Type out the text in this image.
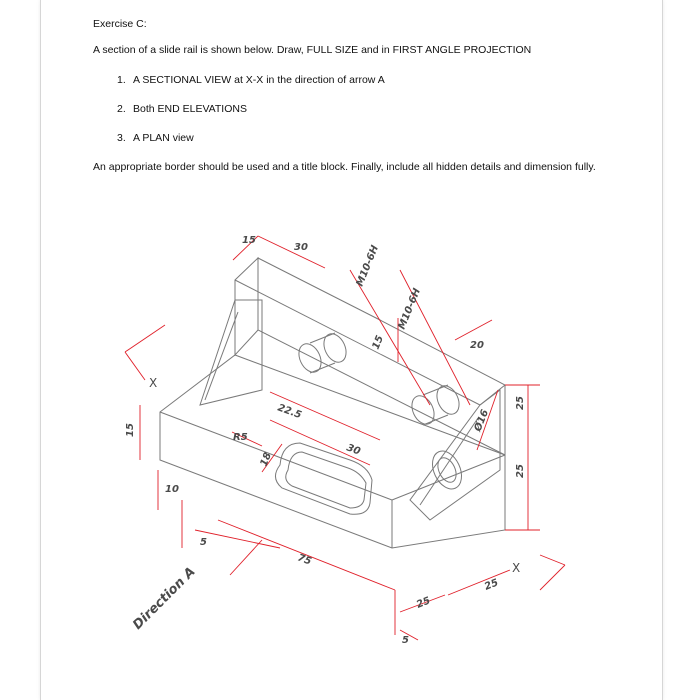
Exercise C:
A section of a slide rail is shown below. Draw, FULL SIZE and in FIRST ANGLE PROJECTION
1. A SECTIONAL VIEW at X-X in the direction of arrow A
2. Both END ELEVATIONS
3. A PLAN view
An appropriate border should be used and a title block. Finally, include all hidden details and dimension fully.
15
30	M10-6H
M10-6H
15	20
22.5
R5
30
18
Ø16
25
25
15
10
5
75
25
25
5
X
X
Direction A
